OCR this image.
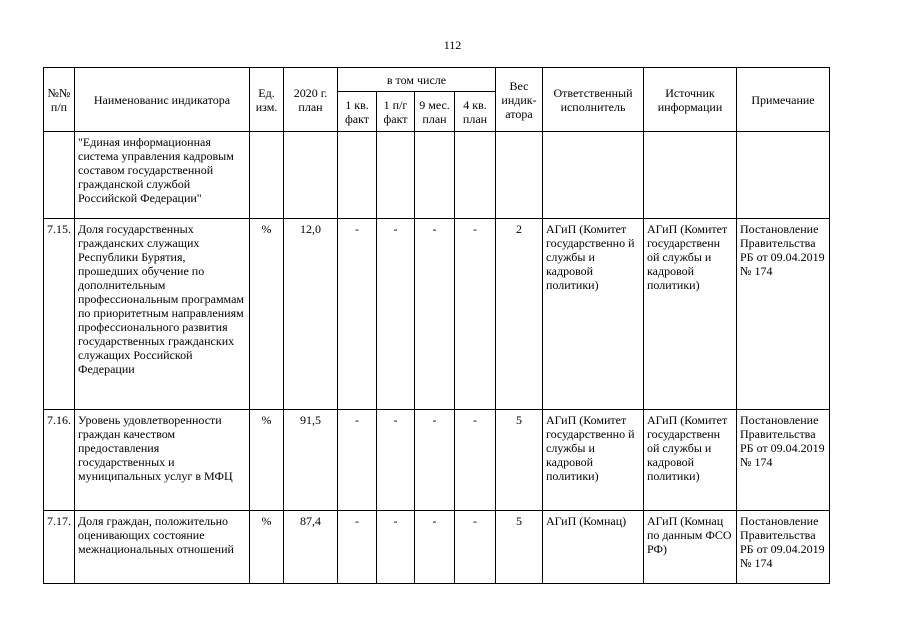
112
№№ п/п	Наименованис индикатора	Ед. изм.	2020 г. план	в том числе				Вес индик- атора	Ответственный исполнитель	Источник информации	Примечание
				1 кв. факт	1 п/г факт	9 мес. план	4 кв. план				
	"Единая информационная система управления кадровым составом государственной гражданской службой Российской Федерации"										
7.15.	Доля государственных гражданских служащих Республики Бурятия, прошедших обучение по дополнительным профессиональным программам по приоритетным направлениям профессионального развития государственных гражданских служащих Российской Федерации	%	12,0	-	-	-	-	2	АГиП (Комитет государственно й службы и кадровой политики)	АГиП (Комитет государственн ой службы и кадровой политики)	Постановление Правительства РБ от 09.04.2019 № 174
7.16.	Уровень удовлетворенности граждан качеством предоставления государственных и муниципальных услуг в МФЦ	%	91,5	-	-	-	-	5	АГиП (Комитет государственно й службы и кадровой политики)	АГиП (Комитет государственн ой службы и кадровой политики)	Постановление Правительства РБ от 09.04.2019 № 174
7.17.	Доля граждан, положительно оценивающих состояние межнациональных отношений	%	87,4	-	-	-	-	5	АГиП (Комнац)	АГиП (Комнац по данным ФСО РФ)	Постановление Правительства РБ от 09.04.2019 № 174
